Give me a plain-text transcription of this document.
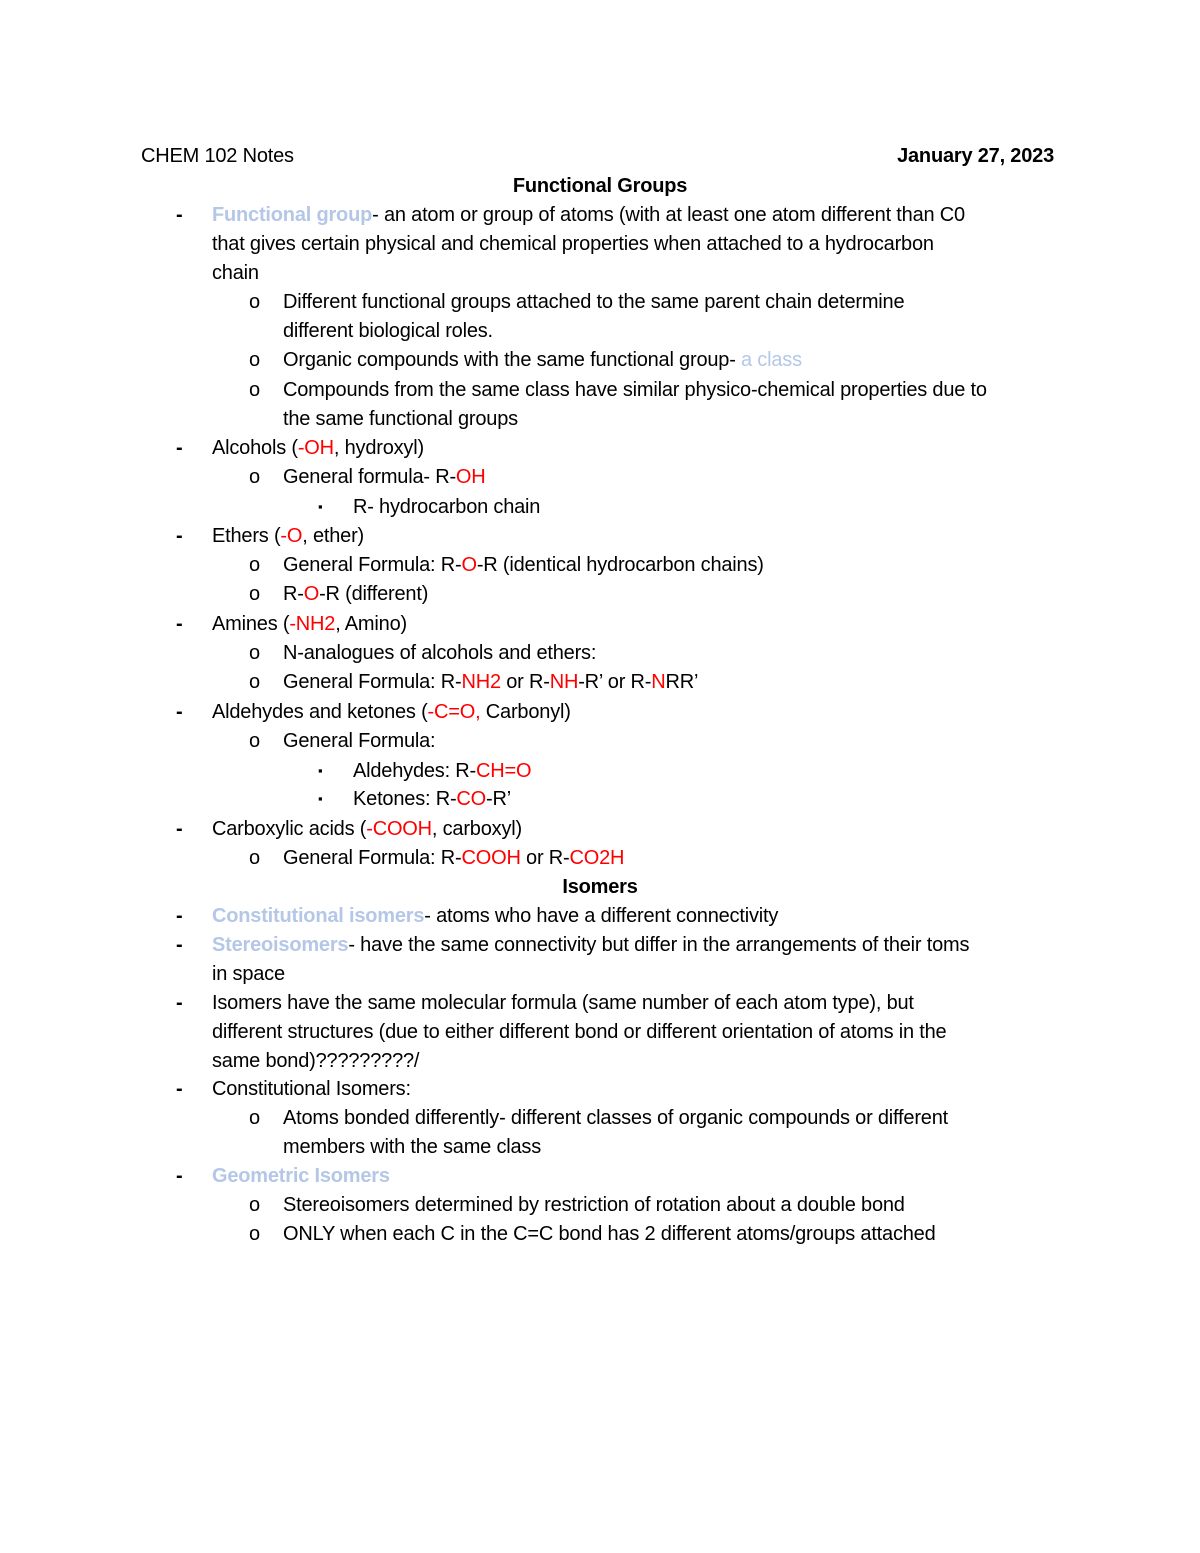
CHEM 102 Notes	January 27, 2023
Functional Groups
- Functional group- an atom or group of atoms (with at least one atom different than C0
that gives certain physical and chemical properties when attached to a hydrocarbon
chain
o Different functional groups attached to the same parent chain determine
different biological roles.
o Organic compounds with the same functional group- a class
o Compounds from the same class have similar physico-chemical properties due to
the same functional groups
- Alcohols (-OH, hydroxyl)
o General formula- R-OH
▪ R- hydrocarbon chain
- Ethers (-O, ether)
o General Formula: R-O-R (identical hydrocarbon chains)
o R-O-R (different)
- Amines (-NH2, Amino)
o N-analogues of alcohols and ethers:
o General Formula: R-NH2 or R-NH-R’ or R-NRR’
- Aldehydes and ketones (-C=O, Carbonyl)
o General Formula:
▪ Aldehydes: R-CH=O
▪ Ketones: R-CO-R’
- Carboxylic acids (-COOH, carboxyl)
o General Formula: R-COOH or R-CO2H
Isomers
- Constitutional isomers- atoms who have a different connectivity
- Stereoisomers- have the same connectivity but differ in the arrangements of their toms
in space
- Isomers have the same molecular formula (same number of each atom type), but
different structures (due to either different bond or different orientation of atoms in the
same bond)?????????/
- Constitutional Isomers:
o Atoms bonded differently- different classes of organic compounds or different
members with the same class
- Geometric Isomers
o Stereoisomers determined by restriction of rotation about a double bond
o ONLY when each C in the C=C bond has 2 different atoms/groups attached
